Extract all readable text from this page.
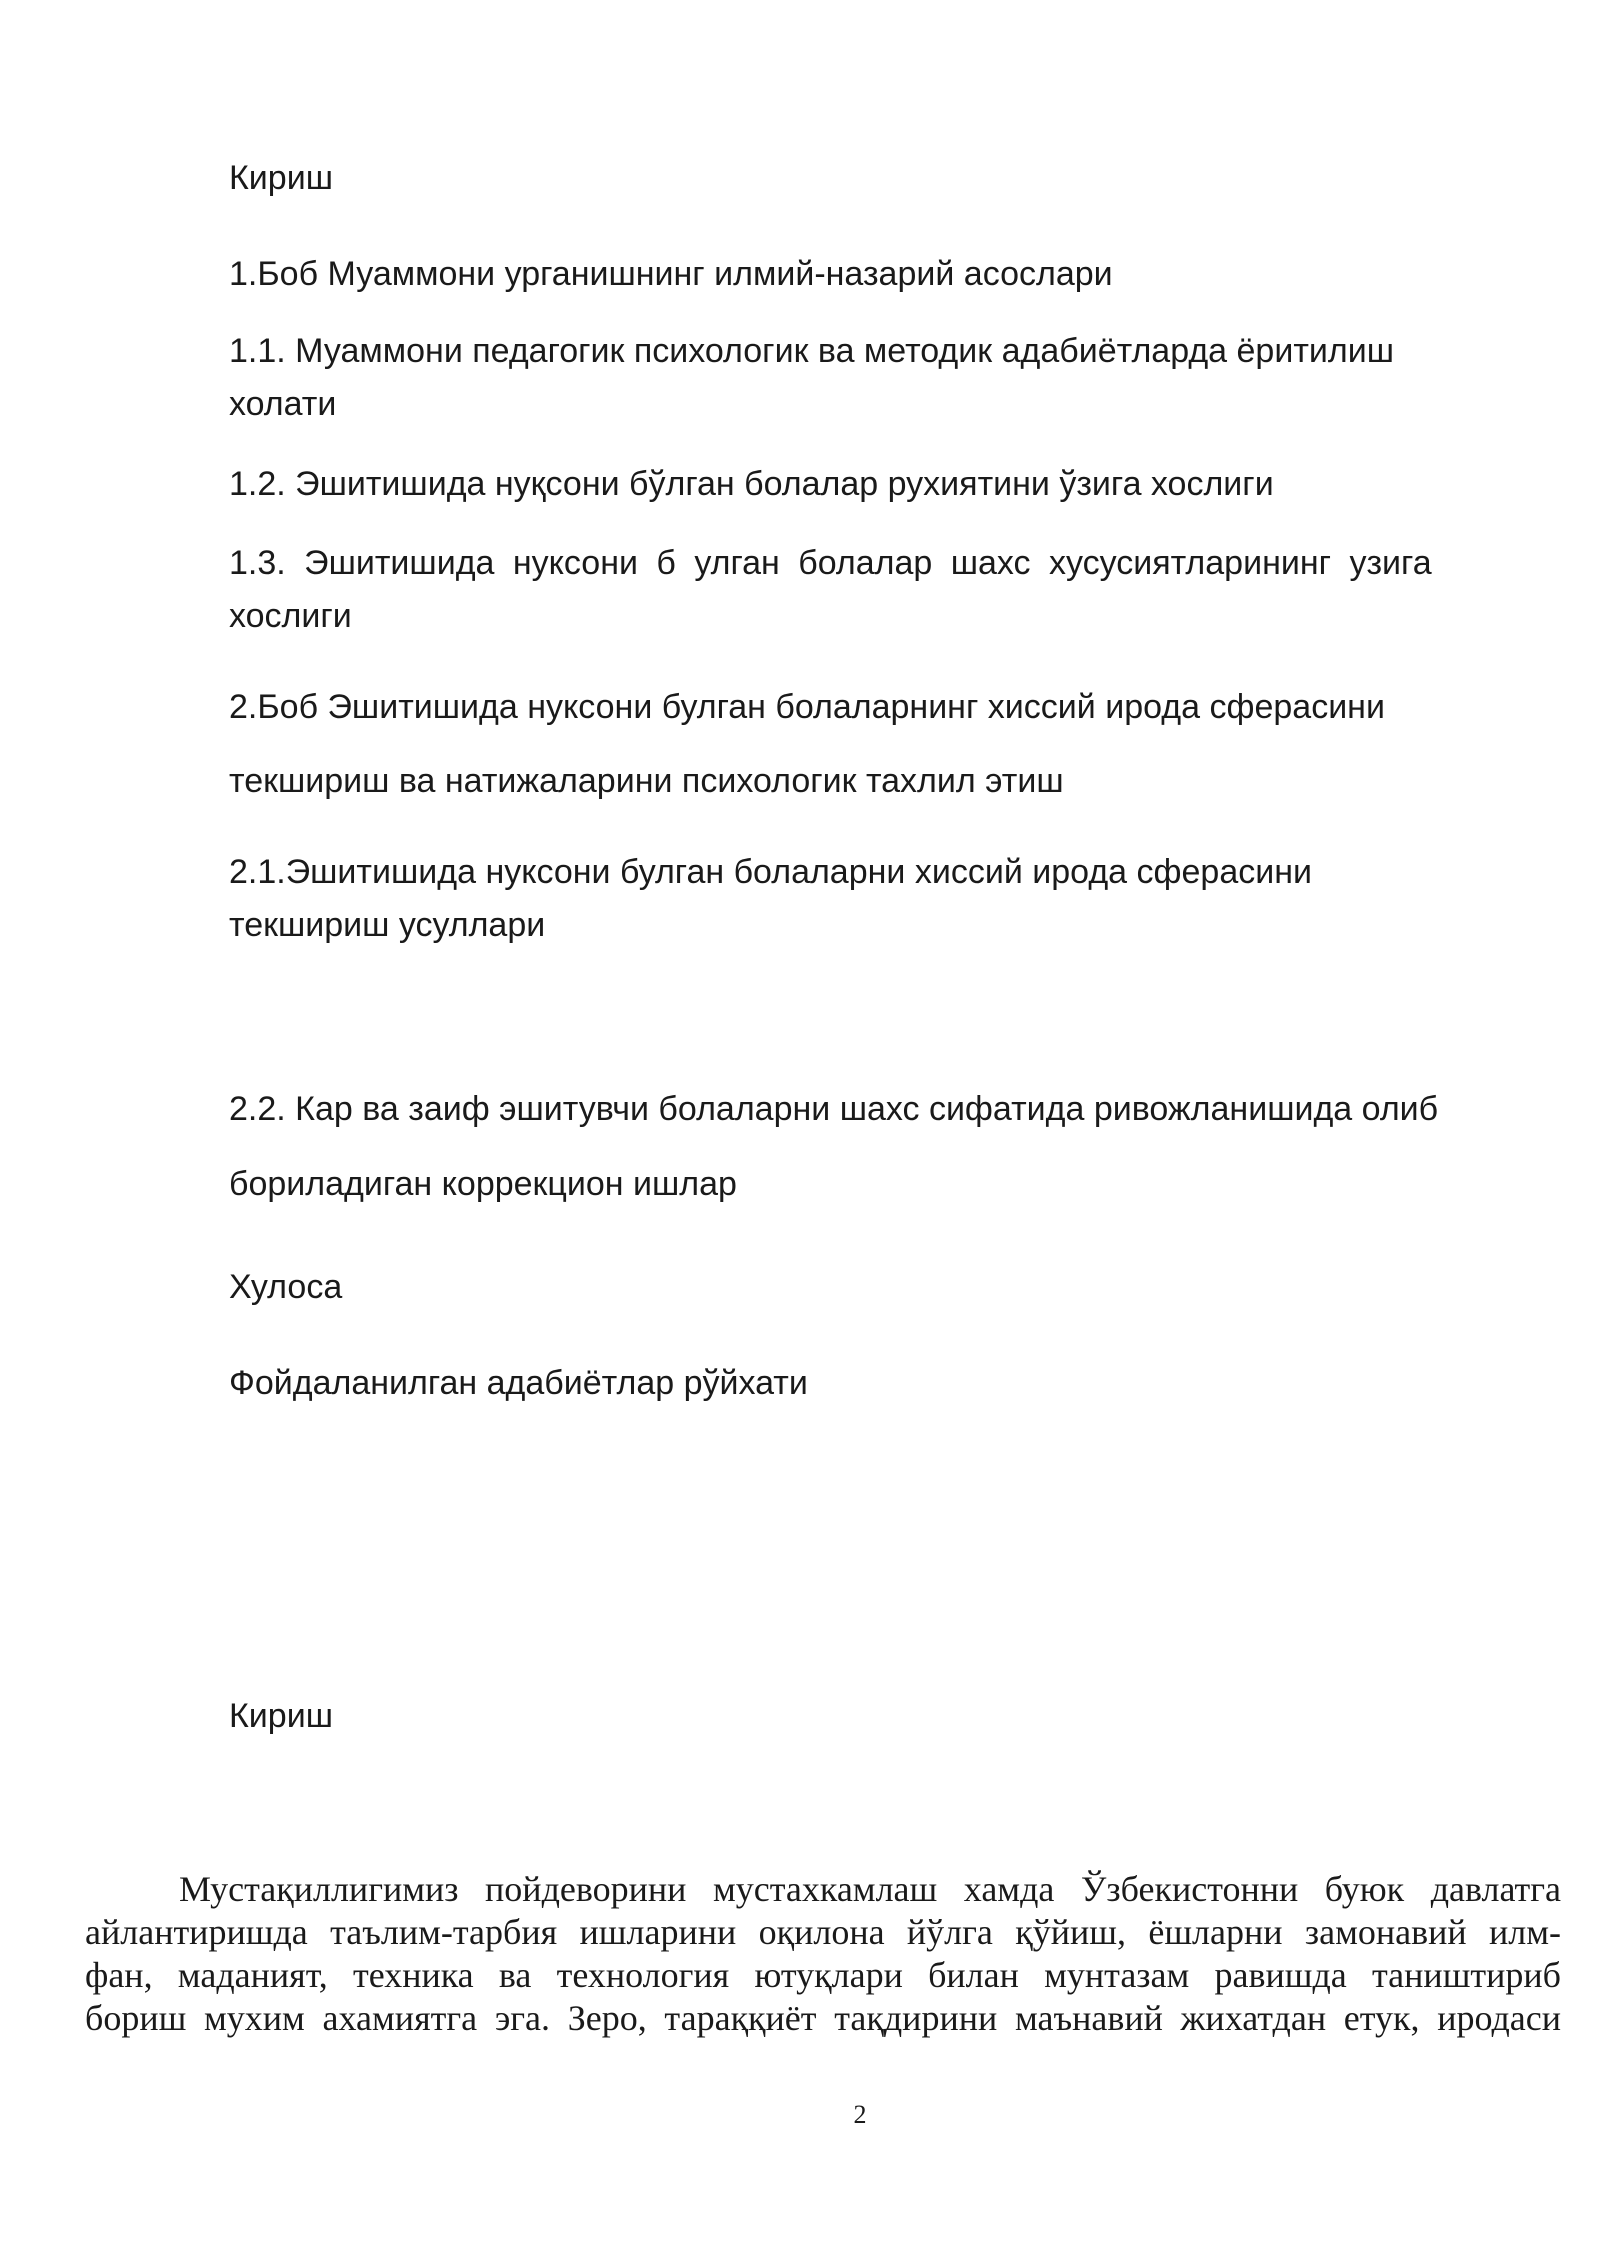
Кириш

1.Боб Муаммони урганишнинг илмий-назарий асослари

1.1. Муаммони педагогик психологик ва методик адабиётларда ёритилиш
холати

1.2. Эшитишида нуқсони бўлган болалар рухиятини ўзига хослиги

1.3. Эшитишида нуксони б улган болалар шахс хусусиятларининг узига
хослиги

2.Боб Эшитишида нуксони булган болаларнинг хиссий ирода сферасини
текшириш ва натижаларини психологик тахлил этиш

2.1.Эшитишида нуксони булган болаларни хиссий ирода сферасини
текшириш усуллари

2.2. Кар ва заиф эшитувчи болаларни шахс сифатида ривожланишида олиб
бориладиган коррекцион ишлар

Хулоса

Фойдаланилган адабиётлар рўйхати

Кириш

Мустақиллигимиз пойдеворини мустахкамлаш хамда Ўзбекистонни буюк давлатга
айлантиришда таълим-тарбия ишларини оқилона йўлга қўйиш, ёшларни замонавий илм-
фан, маданият, техника ва технология ютуқлари билан мунтазам равишда таништириб
бориш мухим ахамиятга эга. Зеро, тараққиёт тақдирини маънавий жихатдан етук, иродаси

2
